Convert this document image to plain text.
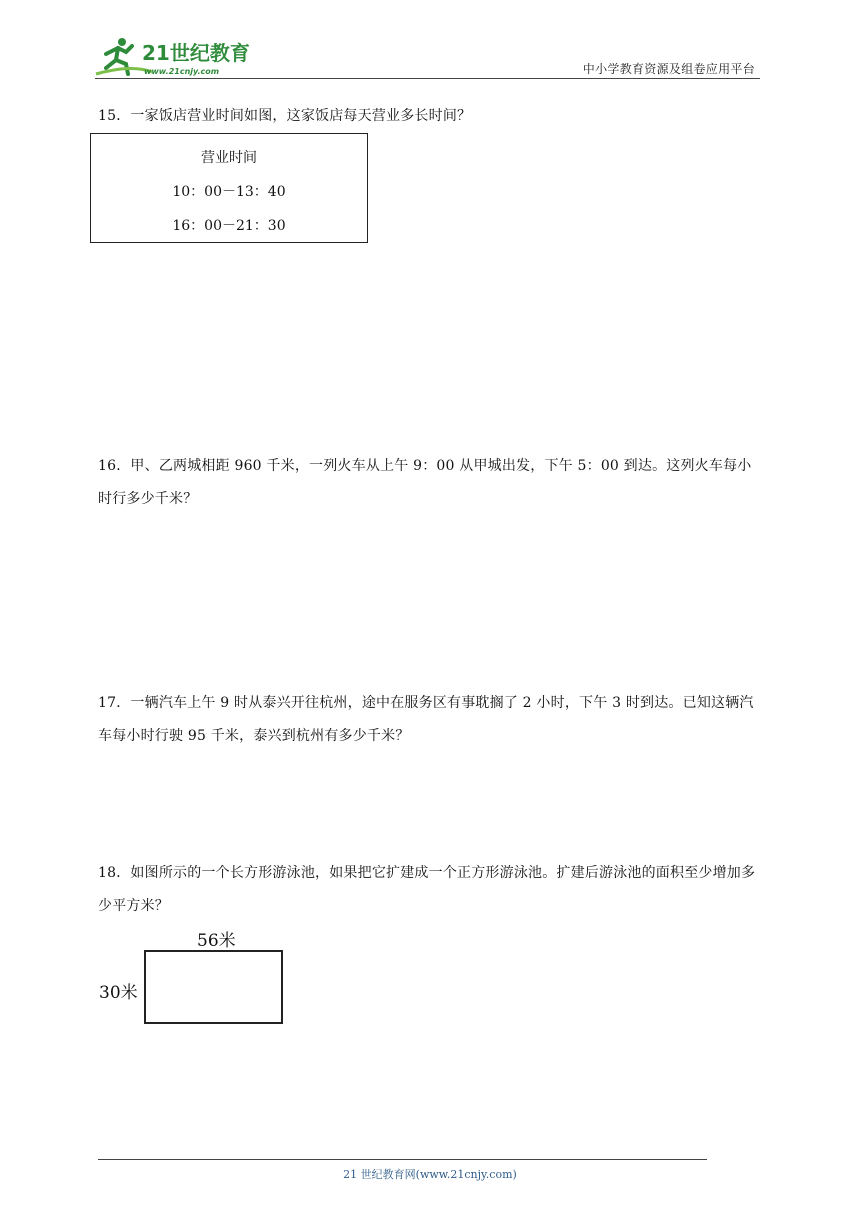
21世纪教育
www.21cnjy.com	中小学教育资源及组卷应用平台
15．一家饭店营业时间如图，这家饭店每天营业多长时间？
营业时间
10：00－13：40
16：00－21：30
16．甲、乙两城相距 960 千米，一列火车从上午 9：00 从甲城出发，下午 5：00 到达。这列火车每小时行多少千米？
17．一辆汽车上午 9 时从泰兴开往杭州，途中在服务区有事耽搁了 2 小时，下午 3 时到达。已知这辆汽车每小时行驶 95 千米，泰兴到杭州有多少千米？
18．如图所示的一个长方形游泳池，如果把它扩建成一个正方形游泳池。扩建后游泳池的面积至少增加多少平方米？
56米
30米
21 世纪教育网(www.21cnjy.com)
